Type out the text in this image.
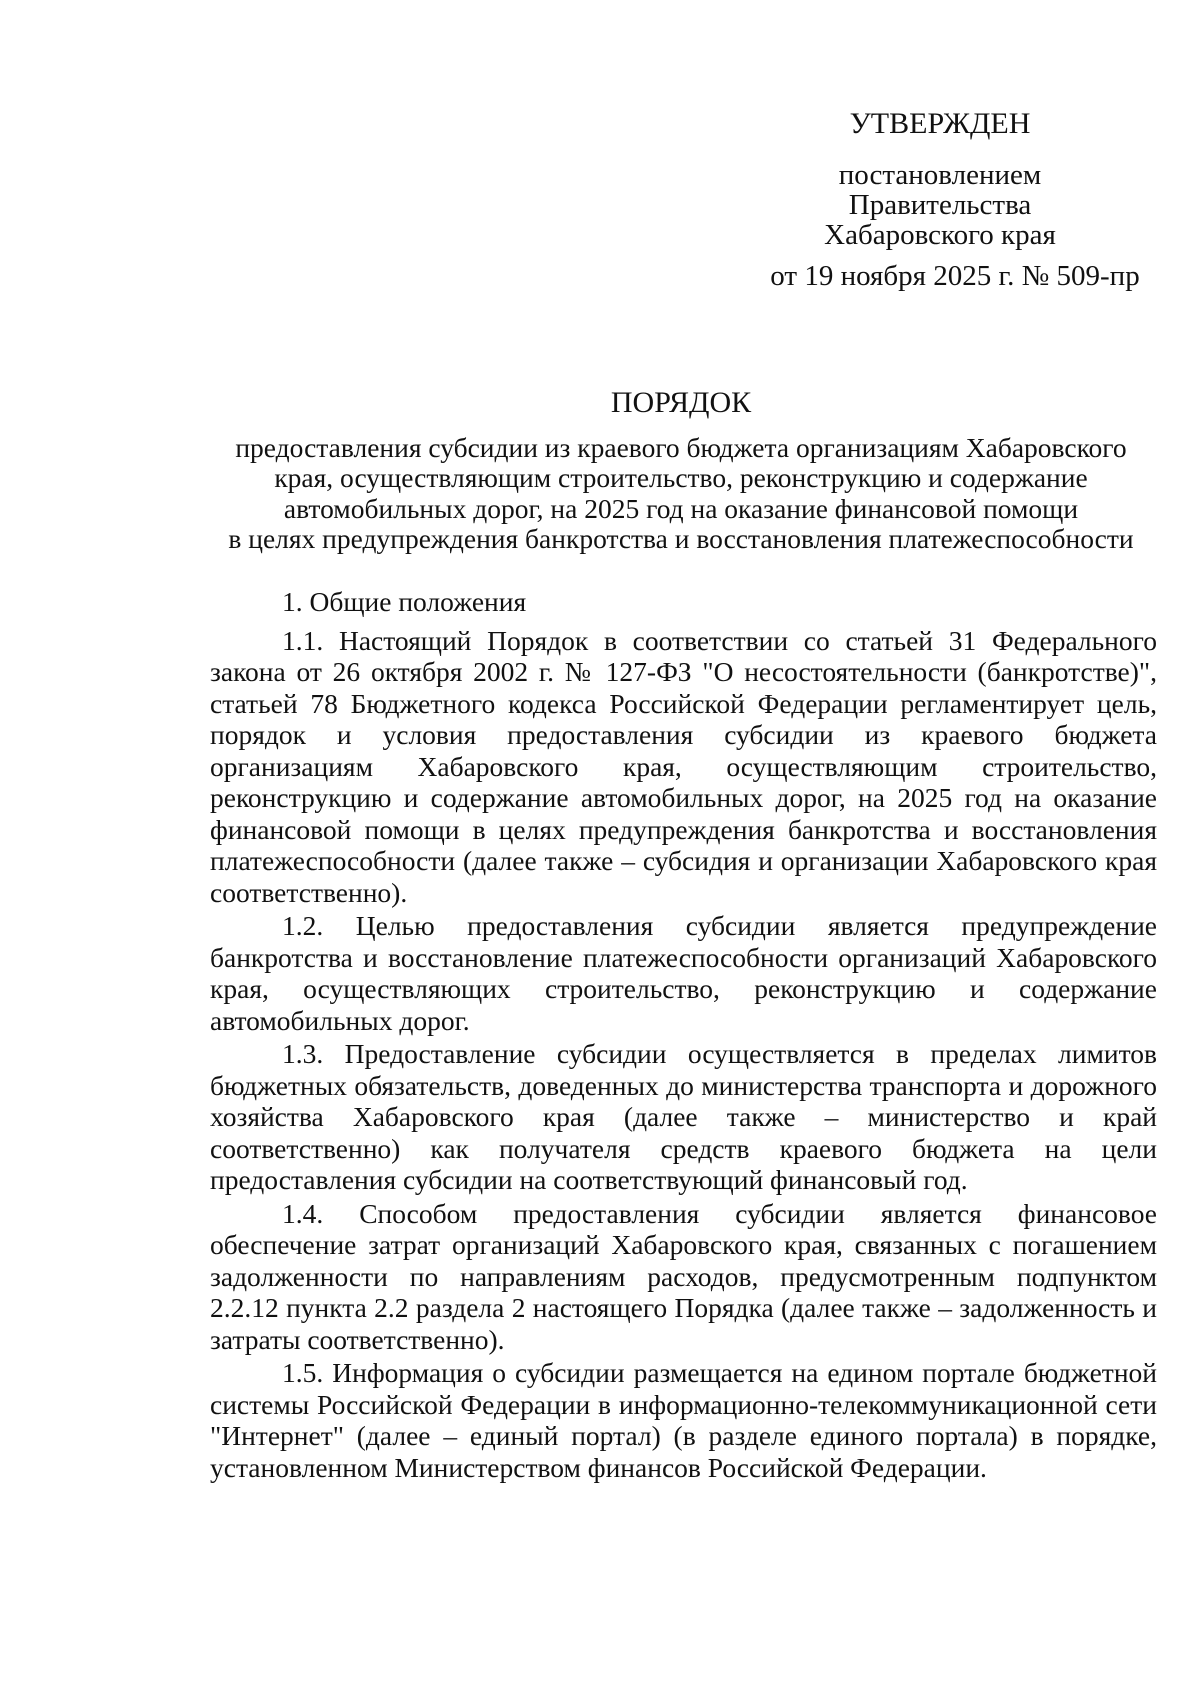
УТВЕРЖДЕН
постановлением
Правительства
Хабаровского края
от 19 ноября 2025 г. № 509-пр
ПОРЯДОК
предоставления субсидии из краевого бюджета организациям Хабаровского
края, осуществляющим строительство, реконструкцию и содержание
автомобильных дорог, на 2025 год на оказание финансовой помощи
в целях предупреждения банкротства и восстановления платежеспособности

1. Общие положения

1.1. Настоящий Порядок в соответствии со статьей 31 Федерального закона от 26 октября 2002 г. № 127-ФЗ "О несостоятельности (банкротстве)", статьей 78 Бюджетного кодекса Российской Федерации регламентирует цель, порядок и условия предоставления субсидии из краевого бюджета организациям Хабаровского края, осуществляющим строительство, реконструкцию и содержание автомобильных дорог, на 2025 год на оказание финансовой помощи в целях предупреждения банкротства и восстановления платежеспособности (далее также – субсидия и организации Хабаровского края соответственно).

1.2. Целью предоставления субсидии является предупреждение банкротства и восстановление платежеспособности организаций Хабаровского края, осуществляющих строительство, реконструкцию и содержание автомобильных дорог.

1.3. Предоставление субсидии осуществляется в пределах лимитов бюджетных обязательств, доведенных до министерства транспорта и дорожного хозяйства Хабаровского края (далее также – министерство и край соответственно) как получателя средств краевого бюджета на цели предоставления субсидии на соответствующий финансовый год.

1.4. Способом предоставления субсидии является финансовое обеспечение затрат организаций Хабаровского края, связанных с погашением задолженности по направлениям расходов, предусмотренным подпунктом 2.2.12 пункта 2.2 раздела 2 настоящего Порядка (далее также – задолженность и затраты соответственно).

1.5. Информация о субсидии размещается на едином портале бюджетной системы Российской Федерации в информационно-телекоммуникационной сети "Интернет" (далее – единый портал) (в разделе единого портала) в порядке, установленном Министерством финансов Российской Федерации.
